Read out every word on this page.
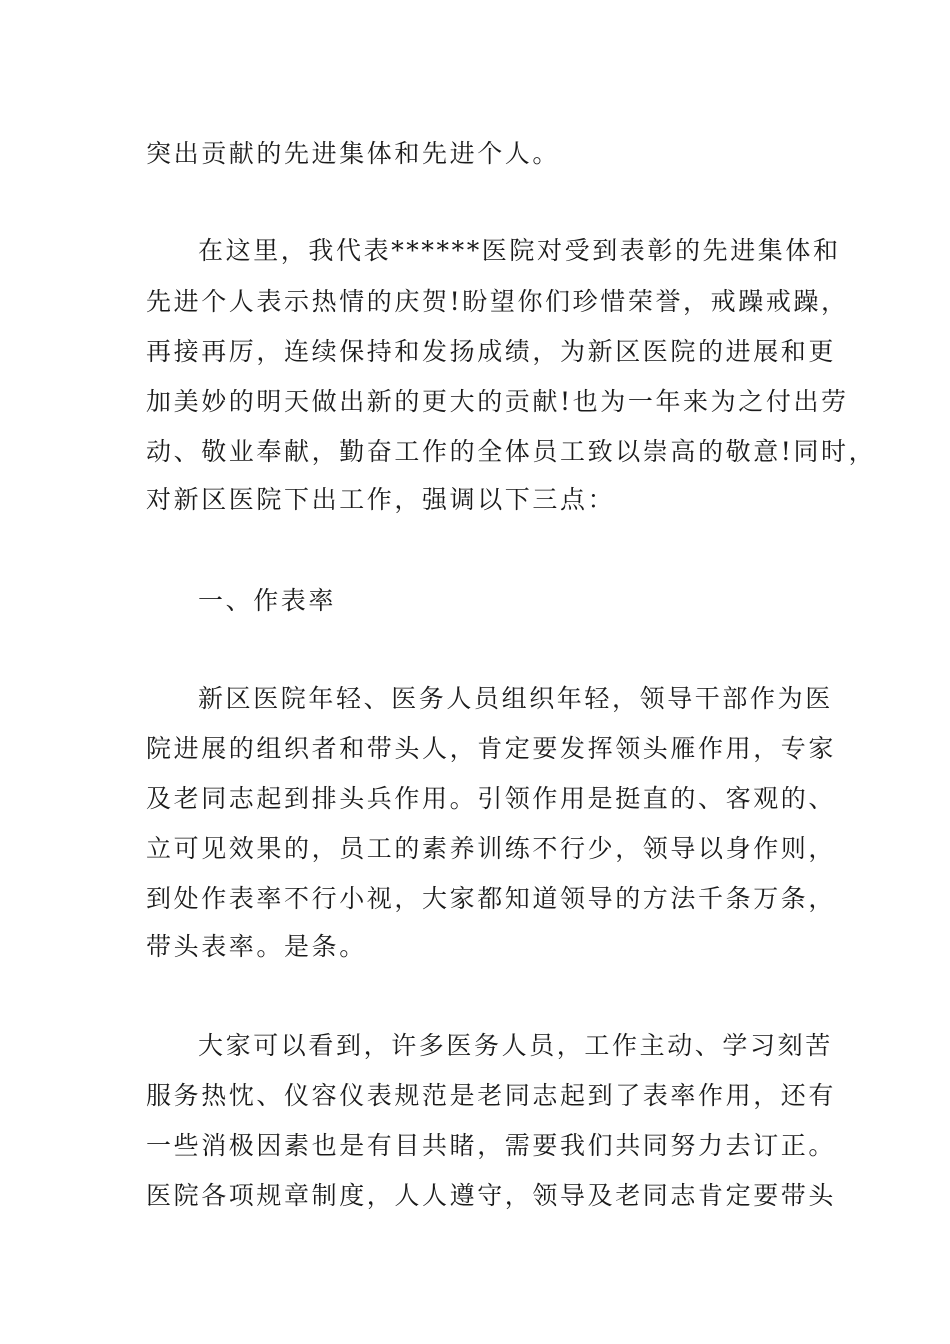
突出贡献的先进集体和先进个人。
在这里，我代表******医院对受到表彰的先进集体和
先进个人表示热情的庆贺!盼望你们珍惜荣誉，戒躁戒躁，
再接再厉，连续保持和发扬成绩，为新区医院的进展和更
加美妙的明天做出新的更大的贡献!也为一年来为之付出劳
动、敬业奉献，勤奋工作的全体员工致以崇高的敬意!同时，
对新区医院下出工作，强调以下三点：
一、作表率
新区医院年轻、医务人员组织年轻，领导干部作为医
院进展的组织者和带头人，肯定要发挥领头雁作用，专家
及老同志起到排头兵作用。引领作用是挺直的、客观的、
立可见效果的，员工的素养训练不行少，领导以身作则，
到处作表率不行小视，大家都知道领导的方法千条万条，
带头表率。是条。
大家可以看到，许多医务人员，工作主动、学习刻苦
服务热忱、仪容仪表规范是老同志起到了表率作用，还有
一些消极因素也是有目共睹，需要我们共同努力去订正。
医院各项规章制度，人人遵守，领导及老同志肯定要带头
